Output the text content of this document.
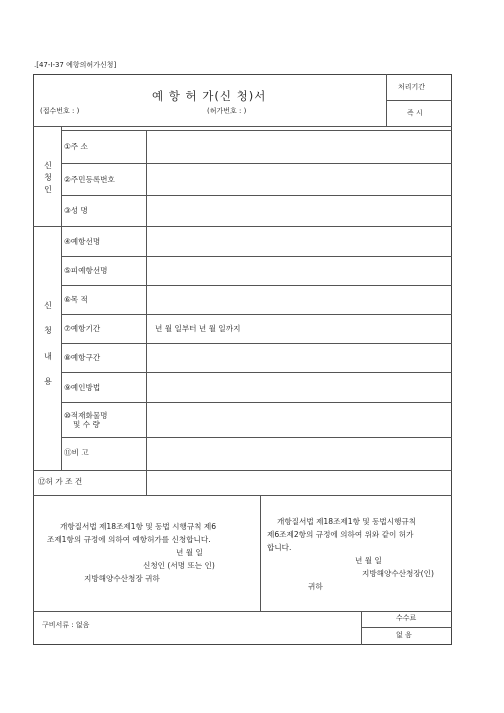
.[47-I-37 예항의허가신청]
예 항 허 가(신 청)서
(접수번호 : )	(허가번호 : )
처리기간
즉 시
신
청
인
①주 소
②주민등록번호
③성 명
신
청
내
용
④예항선명
⑤피예항선명
⑥목 적
⑦예항기간
⑧예항구간
⑨예인방법
⑩적재화물명
및 수 량
⑪비 고
년 월 일부터 년 월 일까지
⑫허 가 조 건
개항질서법 제18조제1항 및 동법 시행규칙 제6
조제1항의 규정에 의하여 예항허가를 신청합니다.
년 월 일
신청인 (서명 또는 인)
지방해양수산청장 귀하
개항질서법 제18조제1항 및 동법시행규칙
제6조제2항의 규정에 의하여 위와 같이 허가
합니다.
년 월 일
지방해양수산청장(인)
귀하
구비서류 : 없음
수수료
없 음
